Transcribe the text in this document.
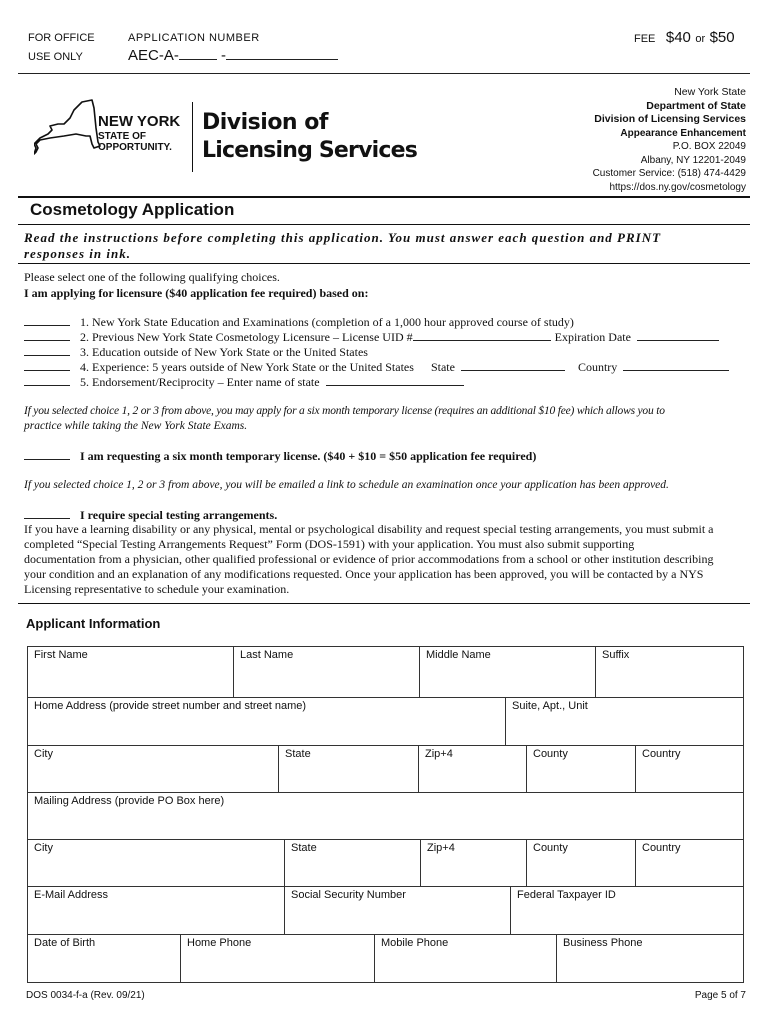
FOR OFFICE
USE ONLY
APPLICATION NUMBER
AEC-A-	-
FEE $40 or $50
NEW YORK
STATE OF
OPPORTUNITY.
Division of
Licensing Services
New York State
Department of State
Division of Licensing Services
Appearance Enhancement
P.O. BOX 22049
Albany, NY 12201-2049
Customer Service: (518) 474-4429
https://dos.ny.gov/cosmetology
Cosmetology Application
Read the instructions before completing this application. You must answer each question and PRINT
responses in ink.
Please select one of the following qualifying choices.
I am applying for licensure ($40 application fee required) based on:
1. New York State Education and Examinations (completion of a 1,000 hour approved course of study)
2. Previous New York State Cosmetology Licensure – License UID #	Expiration Date
3. Education outside of New York State or the United States
4. Experience: 5 years outside of New York State or the United States State	Country
5. Endorsement/Reciprocity – Enter name of state
If you selected choice 1, 2 or 3 from above, you may apply for a six month temporary license (requires an additional $10 fee) which allows you to
practice while taking the New York State Exams.
I am requesting a six month temporary license. ($40 + $10 = $50 application fee required)
If you selected choice 1, 2 or 3 from above, you will be emailed a link to schedule an examination once your application has been approved.
I require special testing arrangements.
If you have a learning disability or any physical, mental or psychological disability and request special testing arrangements, you must submit a
completed “Special Testing Arrangements Request” Form (DOS-1591) with your application. You must also submit supporting
documentation from a physician, other qualified professional or evidence of prior accommodations from a school or other institution describing
your condition and an explanation of any modifications requested. Once your application has been approved, you will be contacted by a NYS
Licensing representative to schedule your examination.
Applicant Information
First Name	Last Name	Middle Name	Suffix
Home Address (provide street number and street name)	Suite, Apt., Unit
City	State	Zip+4	County	Country
Mailing Address (provide PO Box here)
City	State	Zip+4	County	Country
E-Mail Address	Social Security Number	Federal Taxpayer ID
Date of Birth	Home Phone	Mobile Phone	Business Phone
DOS 0034-f-a (Rev. 09/21)	Page 5 of 7
